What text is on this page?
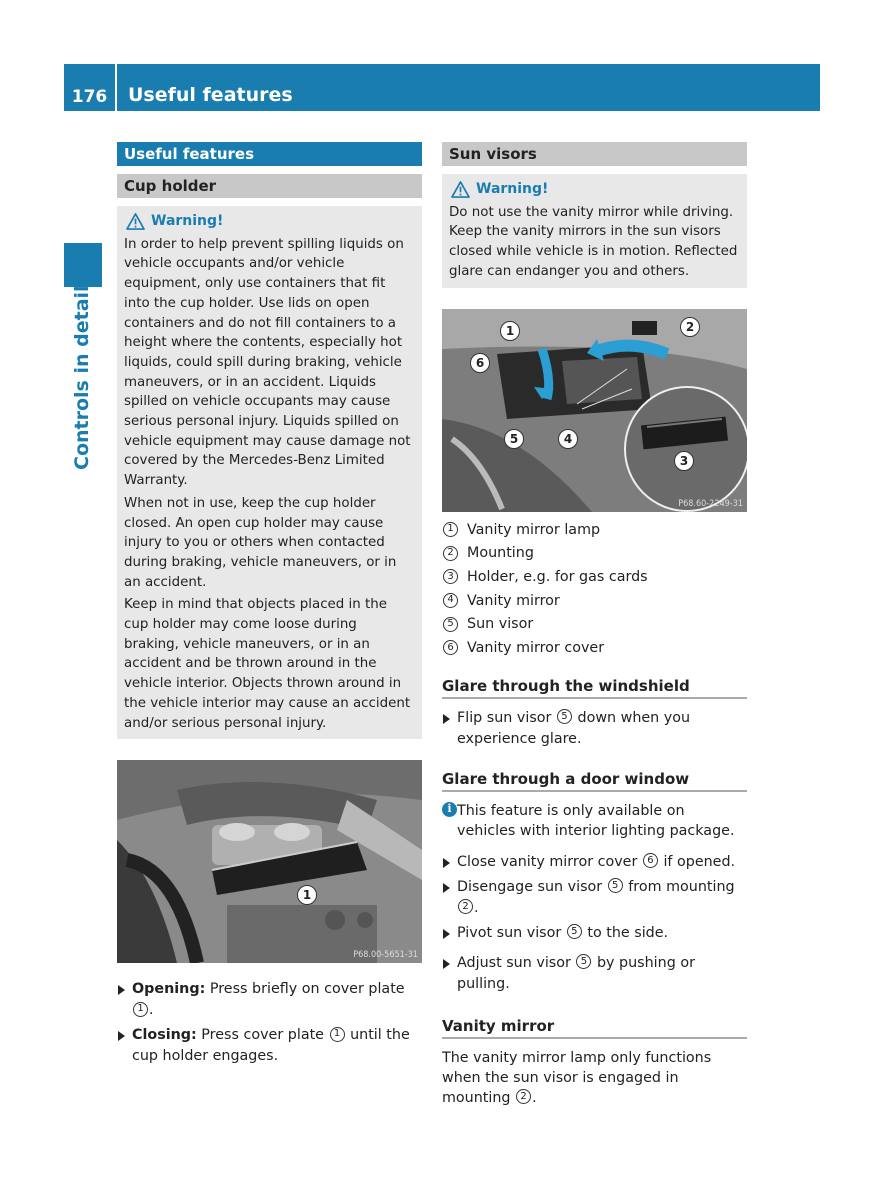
176	Useful features
Controls in detail
Useful features
Cup holder
Warning!

In order to help prevent spilling liquids on vehicle occupants and/or vehicle equipment, only use containers that fit into the cup holder. Use lids on open containers and do not fill containers to a height where the contents, especially hot liquids, could spill during braking, vehicle maneuvers, or in an accident. Liquids spilled on vehicle occupants may cause serious personal injury. Liquids spilled on vehicle equipment may cause damage not covered by the Mercedes-Benz Limited Warranty.

When not in use, keep the cup holder closed. An open cup holder may cause injury to you or others when contacted during braking, vehicle maneuvers, or in an accident.

Keep in mind that objects placed in the cup holder may come loose during braking, vehicle maneuvers, or in an accident and be thrown around in the vehicle interior. Objects thrown around in the vehicle interior may cause an accident and/or serious personal injury.

1
P68.00-5651-31
Opening: Press briefly on cover plate 1 .
Closing: Press cover plate 1 until the cup holder engages.
Sun visors
Warning!

Do not use the vanity mirror while driving. Keep the vanity mirrors in the sun visors closed while vehicle is in motion. Reflected glare can endanger you and others.

1	2
3
4
5
6
P68.60-2249-31
1 Vanity mirror lamp
2 Mounting
3 Holder, e.g. for gas cards
4 Vanity mirror
5 Sun visor
6 Vanity mirror cover
Glare through the windshield
Flip sun visor 5 down when you experience glare.
Glare through a door window
i This feature is only available on vehicles with interior lighting package.
Close vanity mirror cover 6 if opened.
Disengage sun visor 5 from mounting 2 .
Pivot sun visor 5 to the side.
Adjust sun visor 5 by pushing or pulling.
Vanity mirror

The vanity mirror lamp only functions when the sun visor is engaged in mounting 2 .
